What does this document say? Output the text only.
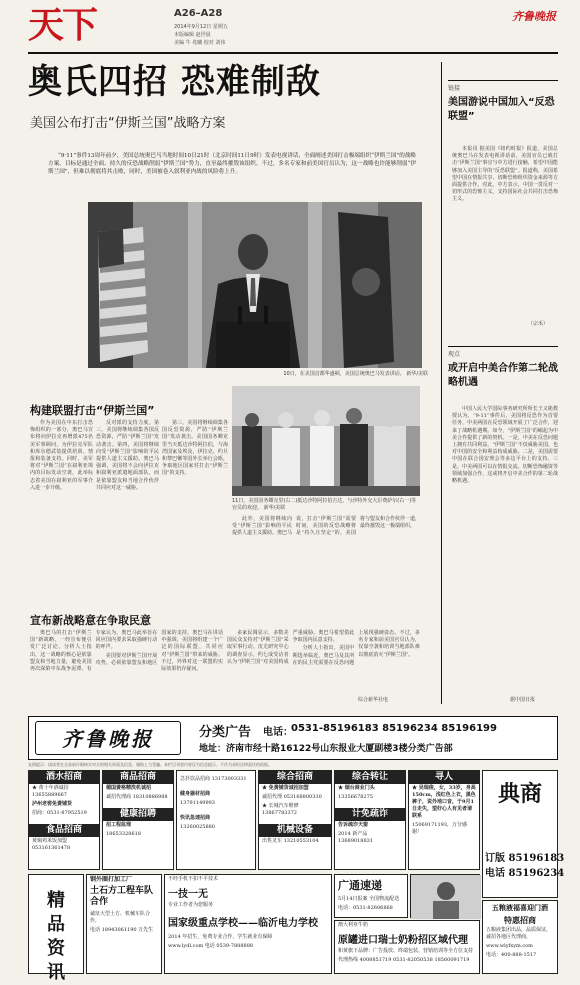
天下	A26–A28
2014年9月12日 星期五
本版编辑 赵世晨
美编 牛 兆曦 校对 刘伟
齐鲁晚报
奥氏四招 恐难制敌
美国公布打击“伊斯兰国”战略方案
“9·11”事件13周年前夕，美国总统奥巴马当地时间10日21时（北京时间11日9时）发表电视讲话，全面阐述美国打击极端组织“伊斯兰国”的战略方案，目标是通过全面、持久的反恐战略削弱“伊斯兰国”势力，直至最终摧毁该组织。不过，多名专家和前美国官员认为，这一战略也许能够削弱“伊斯兰国”，但难以彻底将其击败，同时，美国被卷入叙利亚内战的风险将上升。
10日，在美国首都华盛顿，美国总统奥巴马发表讲话。 新华/美联
11日，美国国务卿克里(右二)抵达沙特阿拉伯吉达，与沙特外交大臣费萨尔(右一)等官员的欢迎。 新华/美联
构建联盟打击“伊斯兰国”

作为美国在中东打击恐怖组织的一部分，奥巴马宣布将向伊拉克再增派475名美军事顾问，为伊拉克军队和库尔德武装提供培训、情报和装备支持。同时，美军将对“伊斯兰国”在叙利亚境内的目标发动空袭，此举标志着美国在叙利亚的军事介入进一步升级。

反对派的支持力度。第三，美国将继续调集各国反恐资源，严防“伊斯兰国”发动袭击。第四，美国将继续向受“伊斯兰国”影响的平民提供人道主义援助。奥巴马强调，美国将不会向伊拉克和叙利亚派遣地面部队，而是依靠盟友和当地合作伙伴共同应对这一威胁。

第三，美国将继续调集各国反恐资源，严防“伊斯兰国”发动袭击。美国国务卿克里当天抵达沙特阿拉伯，与海湾国家及埃及、伊拉克、约旦和黎巴嫩等国外长举行会晤，争取地区国家对打击“伊斯兰国”的支持。

此外，美国将继续向受“伊斯兰国”影响的平民提供人道主义援助。奥巴马说，打击“伊斯兰国”需要时间，美国的反恐战略将是“持久且坚定”的，美国将与盟友和合作伙伴一道，最终摧毁这一极端组织。

宣布新战略意在争取民意

奥巴马的打击“伊斯兰国”新战略，一经宣布便引发广泛讨论。分析人士指出，这一战略的核心是依靠盟友和当地力量，避免美国再次深陷中东战争泥潭。有专家认为，奥巴马此举旨在回应国内要求采取强硬行动的呼声。

美国要对伊斯兰国开展攻势，必须依靠盟友和地区国家的支持。奥巴马在讲话中强调，美国将组建一个广泛的国际联盟，共同应对“伊斯兰国”带来的威胁。不过，外界对这一联盟的实际效果仍存疑问。

多家民调显示，多数美国民众支持对“伊斯兰国”采取军事行动。皮尤研究中心的调查显示，约七成受访者认为“伊斯兰国”对美国构成严重威胁。奥巴马希望借此争取国内民意支持。

分析人士指出，美国中期选举临近，奥巴马及其所在的民主党需要在反恐问题上展现强硬姿态。不过，多名专家和前美国官员认为，仅靠空袭和培训当地部队难以彻底消灭“伊斯兰国”。

综合新华社电
链接
美国游说中国加入“反恐联盟”
本报讯 据美国《纽约时报》报道，美国总统奥巴马在发表电视讲话前，美国官员已就打击“伊斯兰国”事宜与中方进行接触，希望中国能够加入美国主导的“反恐联盟”。报道称，美国希望中国在情报共享、切断恐怖组织资金来源等方面提供合作。对此，中方表示，中国一贯反对一切形式的恐怖主义，支持国际社会共同打击恐怖主义。
（宗禾）
观点
或开启中美合作第二轮战略机遇
中国人民大学国际事务研究所所长王义桅教授认为，“9·11”事件后，美国将反恐作为首要任务，中美两国在反恐领域开展了广泛合作，迎来了战略机遇期。如今，“伊斯兰国”的崛起为中美合作提供了新的契机。一是，中美在反恐问题上拥有共同利益，“伊斯兰国”不仅威胁美国，也对中国的安全和利益构成威胁。二是，美国需要中国在联合国安理会等多边平台上的支持。三是，中美两国可以在情报交流、切断恐怖融资等领域加强合作，这或将开启中美合作的第二轮战略机遇。
据中国日报
齐鲁晚报	分类广告 电话：
0531-85196183 85196234 85196199
地址：济南市经十路16122号山东报业大厦副楼3楼分类广告部
友情提示：请读者在交易前仔细核实对方的相关资质及信息，谨防上当受骗。本栏目刊登内容仅为信息提示，不作为承担法律责任的依据。
酒水招商
★ 黄十年酒诚招 13655889667
泸州老窖免费铺货
招商：0531-87952519
食品招商
黄焖鸡米饭加盟 053161361478
商品招商
德国费格精洗机诚招
诚招代理商 18310886988
健康招聘
招工程监理
18653328618
急扑饮品招商 13173003331
健身器材招商
13791149993
快讯急速招商
13260025880
综合招商
★ 免费铺货诚招加盟
诚招代理 053168800330
★ 长城汽车维修 13867783372
机械设备
出售叉车 13210553104
综合转让
★ 烟台商业门头
13356678275
计免疏诈
告诉疏诈天窗
2014 新产品 13689018831
寻人
★ 吴瑞俊，女，33岁，身高150cm，浅红色上衣，黑色裤子，说外地口音，于9月1日走失，望好心人有见者请联系
15069171193，万分感谢！
典商
订版 85196183
电话 85196234
精品 资讯
钢外圈打加工厂
土石方工程车队合作
诚征大型土方、机械车队合作，
电话 18943061190 万先生
不经手机不扣不平技术
一技一无
专业工作者为您服务
国家级重点学校——临沂电力学校
2014 年招生，免费专业合作，学生就业有保障
www.lydl.com 电话 0539-7888888
广通速递
5月14日报案 全国物流配送
电话：0531-82606868
澳大利亚牛奶
原罐进口瑞士奶粉招区域代理
和黄旗下品牌：广告投放、终端包装、营销培训等全方位支持
代理热线 4008851719 0531-82050538 18560091719
五粮液福喜迎门酒
特惠招商
五粮液集团出品，品质保证，诚招各地区代理商，
www.wlyfxym.com
电话：400-888-1517
